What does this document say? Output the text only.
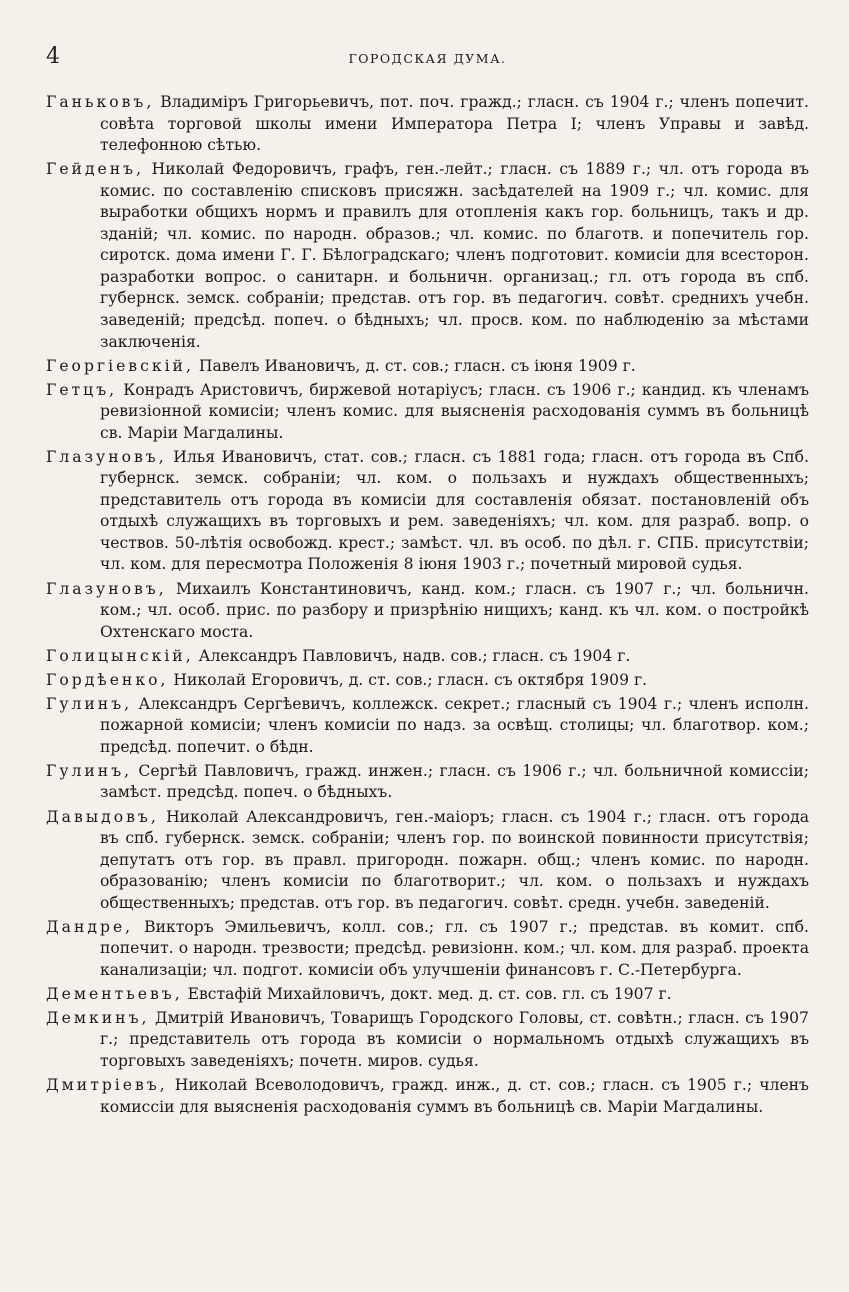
4	ГОРОДСКАЯ ДУМА.

Ганьковъ, Владиміръ Григорьевичъ, пот. поч. гражд.; гласн. съ 1904 г.; членъ попечит. совѣта торговой школы имени Императора Петра I; членъ Управы и завѣд. телефонною сѣтью.

Гейденъ, Николай Федоровичъ, графъ, ген.-лейт.; гласн. съ 1889 г.; чл. отъ города въ комис. по составленію списковъ присяжн. засѣдателей на 1909 г.; чл. комис. для выработки общихъ нормъ и правилъ для отопленія какъ гор. больницъ, такъ и др. зданій; чл. комис. по народн. образов.; чл. комис. по благотв. и попечитель гор. сиротск. дома имени Г. Г. Бѣлоградскаго; членъ подготовит. комисіи для всесторон. разработки вопрос. о санитарн. и больничн. организац.; гл. отъ города въ спб. губернск. земск. собраніи; представ. отъ гор. въ педагогич. совѣт. среднихъ учебн. заведеній; предсѣд. попеч. о бѣдныхъ; чл. просв. ком. по наблюденію за мѣстами заключенія.

Георгіевскій, Павелъ Ивановичъ, д. ст. сов.; гласн. съ іюня 1909 г.

Гетцъ, Конрадъ Аристовичъ, биржевой нотаріусъ; гласн. съ 1906 г.; кандид. къ членамъ ревизіонной комисіи; членъ комис. для выясненія расходованія суммъ въ больницѣ св. Маріи Магдалины.

Глазуновъ, Илья Ивановичъ, стат. сов.; гласн. съ 1881 года; гласн. отъ города въ Спб. губернск. земск. собраніи; чл. ком. о пользахъ и нуждахъ общественныхъ; представитель отъ города въ комисіи для составленія обязат. постановленій объ отдыхѣ служащихъ въ торговыхъ и рем. заведеніяхъ; чл. ком. для разраб. вопр. о чествов. 50-лѣтія освобожд. крест.; замѣст. чл. въ особ. по дѣл. г. СПБ. присутствіи; чл. ком. для пересмотра Положенія 8 іюня 1903 г.; почетный мировой судья.

Глазуновъ, Михаилъ Константиновичъ, канд. ком.; гласн. съ 1907 г.; чл. больничн. ком.; чл. особ. прис. по разбору и призрѣнію нищихъ; канд. къ чл. ком. о постройкѣ Охтенскаго моста.

Голицынскій, Александръ Павловичъ, надв. сов.; гласн. съ 1904 г.

Гордѣенко, Николай Егоровичъ, д. ст. сов.; гласн. съ октября 1909 г.

Гулинъ, Александръ Сергѣевичъ, коллежск. секрет.; гласный съ 1904 г.; членъ исполн. пожарной комисіи; членъ комисіи по надз. за освѣщ. столицы; чл. благотвор. ком.; предсѣд. попечит. о бѣдн.

Гулинъ, Сергѣй Павловичъ, гражд. инжен.; гласн. съ 1906 г.; чл. больничной комиссіи; замѣст. предсѣд. попеч. о бѣдныхъ.

Давыдовъ, Николай Александровичъ, ген.-маіоръ; гласн. съ 1904 г.; гласн. отъ города въ спб. губернск. земск. собраніи; членъ гор. по воинской повинности присутствія; депутатъ отъ гор. въ правл. пригородн. пожарн. общ.; членъ комис. по народн. образованію; членъ комисіи по благотворит.; чл. ком. о пользахъ и нуждахъ общественныхъ; представ. отъ гор. въ педагогич. совѣт. средн. учебн. заведеній.

Дандре, Викторъ Эмильевичъ, колл. сов.; гл. съ 1907 г.; представ. въ комит. спб. попечит. о народн. трезвости; предсѣд. ревизіонн. ком.; чл. ком. для разраб. проекта канализаціи; чл. подгот. комисіи объ улучшеніи финансовъ г. С.-Петербурга.

Дементьевъ, Евстафій Михайловичъ, докт. мед. д. ст. сов. гл. съ 1907 г.

Демкинъ, Дмитрій Ивановичъ, Товарищъ Городского Головы, ст. совѣтн.; гласн. съ 1907 г.; представитель отъ города въ комисіи о нормальномъ отдыхѣ служащихъ въ торговыхъ заведеніяхъ; почетн. миров. судья.

Дмитріевъ, Николай Всеволодовичъ, гражд. инж., д. ст. сов.; гласн. съ 1905 г.; членъ комиссіи для выясненія расходованія суммъ въ больницѣ св. Маріи Магдалины.
